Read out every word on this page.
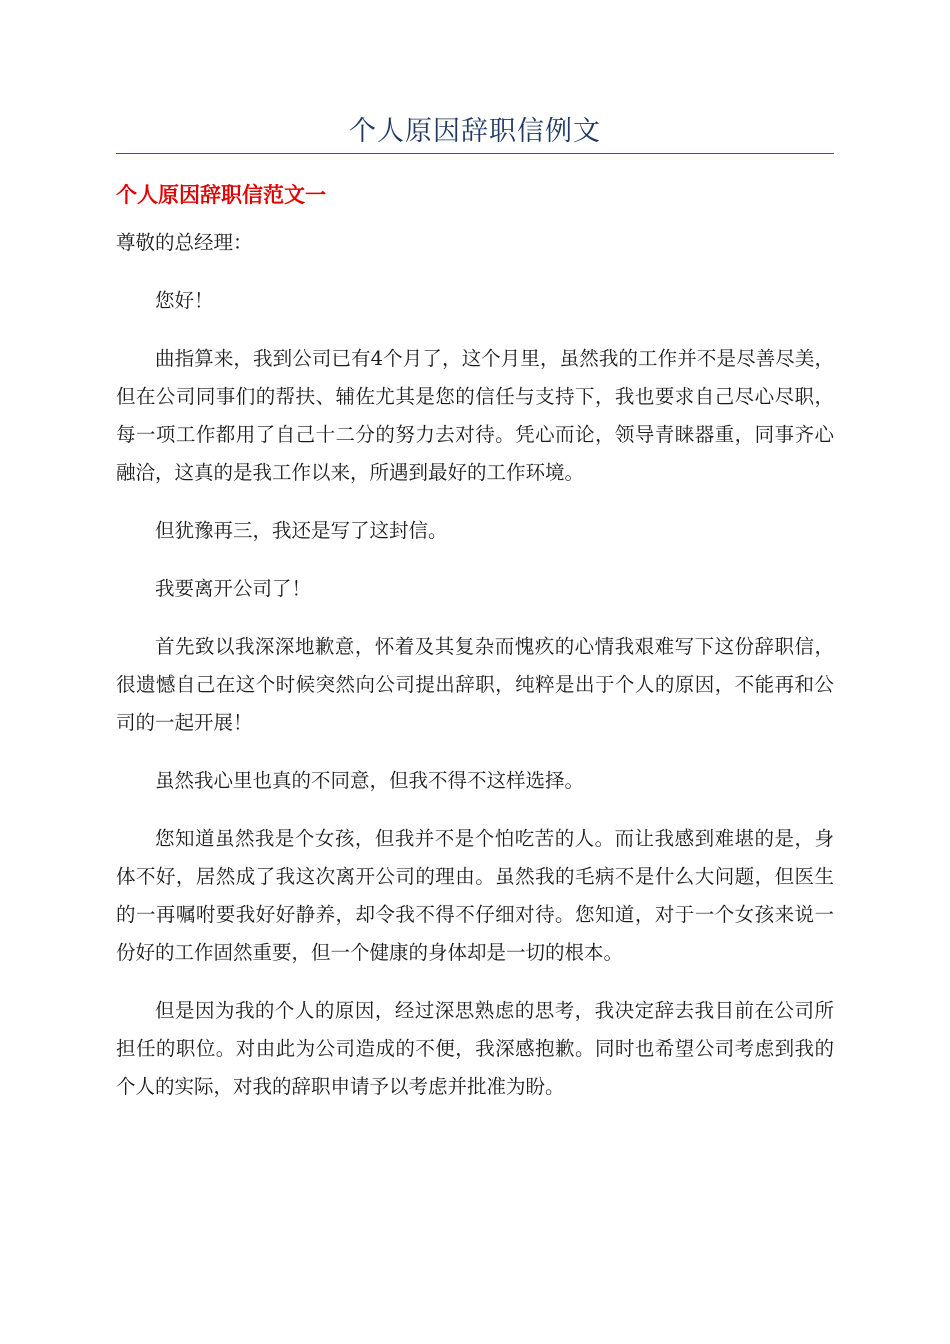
个人原因辞职信例文
个人原因辞职信范文一

尊敬的总经理：

您好！

曲指算来，我到公司已有4个月了，这个月里，虽然我的工作并不是尽善尽美，但在公司同事们的帮扶、辅佐尤其是您的信任与支持下，我也要求自己尽心尽职，每一项工作都用了自己十二分的努力去对待。凭心而论，领导青睐器重，同事齐心融洽，这真的是我工作以来，所遇到最好的工作环境。

但犹豫再三，我还是写了这封信。

我要离开公司了！

首先致以我深深地歉意，怀着及其复杂而愧疚的心情我艰难写下这份辞职信，很遗憾自己在这个时候突然向公司提出辞职，纯粹是出于个人的原因，不能再和公司的一起开展！

虽然我心里也真的不同意，但我不得不这样选择。

您知道虽然我是个女孩，但我并不是个怕吃苦的人。而让我感到难堪的是，身体不好，居然成了我这次离开公司的理由。虽然我的毛病不是什么大问题，但医生的一再嘱咐要我好好静养，却令我不得不仔细对待。您知道，对于一个女孩来说一份好的工作固然重要，但一个健康的身体却是一切的根本。

但是因为我的个人的原因，经过深思熟虑的思考，我决定辞去我目前在公司所担任的职位。对由此为公司造成的不便，我深感抱歉。同时也希望公司考虑到我的个人的实际，对我的辞职申请予以考虑并批准为盼。
